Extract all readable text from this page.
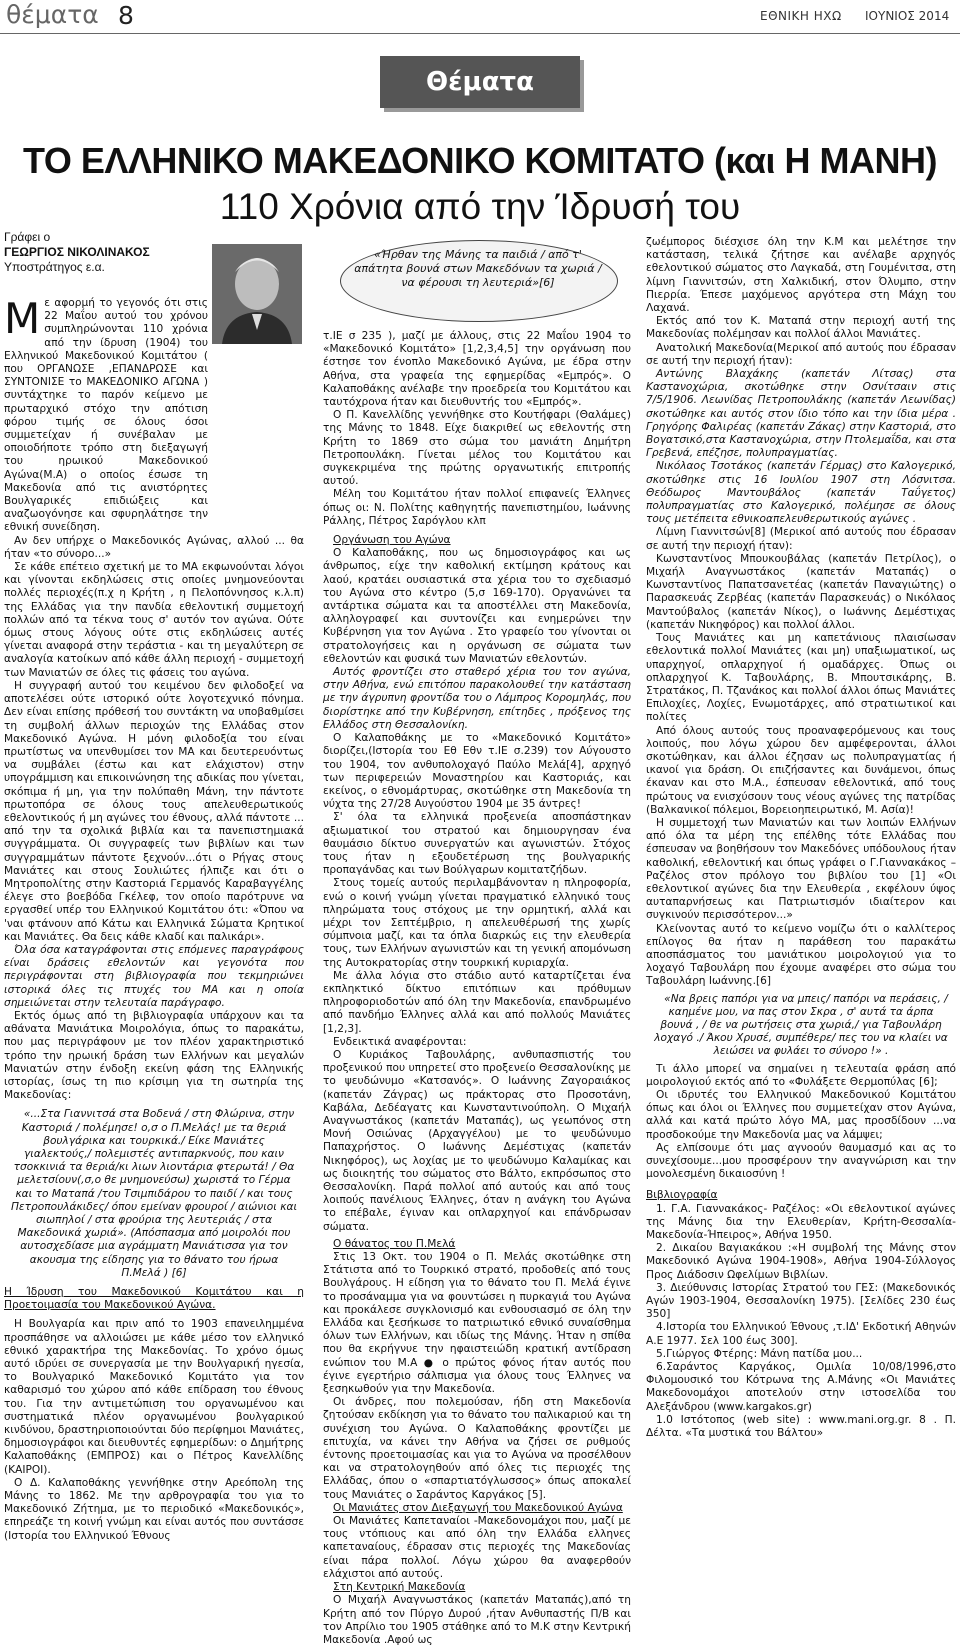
θέματα 8	ΕΘΝΙΚΗ ΗΧΩ ΙΟΥΝΙΟΣ 2014
Θέματα
ΤΟ ΕΛΛΗΝΙΚΟ ΜΑΚΕΔΟΝΙΚΟ ΚΟΜΙΤΑΤΟ (και Η ΜΑΝΗ)
110 Χρόνια από την Ίδρυσή του
Γράφει ο
ΓΕΩΡΓΙΟΣ ΝΙΚΟΛΙΝΑΚΟΣ
Υποστράτηγος ε.α.

Μ ε αφορμή το γεγονός ότι στις 22 Μαΐου αυτού του χρόνου συμπληρώνονται 110 χρόνια από την ίδρυση (1904) του Ελληνικού Μακεδονικού Κομιτάτου ( που ΟΡΓΑΝΩΣΕ ,ΕΠΑΝΔΡΩΣΕ και ΣΥΝΤΟΝΙΣΕ το ΜΑΚΕΔΟΝΙΚΟ ΑΓΩΝΑ ) συντάχτηκε το παρόν κείμενο με πρωταρχικό στόχο την απότιση φόρου τιμής σε όλους όσοι συμμετείχαν ή συνέβαλαν με οποιοδήποτε τρόπο στη διεξαγωγή του ηρωικού Μακεδονικού Αγώνα(Μ.Α) ο οποίος έσωσε τη Μακεδονία από τις ανιστόρητες Βουλγαρικές επιδιώξεις και αναζωογόνησε και σφυρηλάτησε την εθνική συνείδηση.

Αν δεν υπήρχε ο Μακεδονικός Αγώνας, αλλού ... θα ήταν «το σύνορο...»

Σε κάθε επέτειο σχετική με το ΜΑ εκφωνούνται λόγοι και γίνονται εκδηλώσεις στις οποίες μνημονεύονται πολλές περιοχές(π.χ η Κρήτη , η Πελοπόννησος κ.λ.π) της Ελλάδας για την πανδία εθελοντική συμμετοχή πολλών από τα τέκνα τους σ' αυτόν τον αγώνα. Ούτε όμως στους λόγους ούτε στις εκδηλώσεις αυτές γίνεται αναφορά στην τεράστια - και τη μεγαλύτερη σε αναλογία κατοίκων από κάθε άλλη περιοχή - συμμετοχή των Μανιατών σε όλες τις φάσεις του αγώνα.

Η συγγραφή αυτού του κειμένου δεν φιλοδοξεί να αποτελέσει ούτε ιστορικό ούτε λογοτεχνικό πόνημα. Δεν είναι επίσης πρόθεσή του συντάκτη να υποβαθμίσει τη συμβολή άλλων περιοχών της Ελλάδας στον Μακεδονικό Αγώνα. Η μόνη φιλοδοξία του είναι πρωτίστως να υπενθυμίσει τον ΜΑ και δευτερευόντως να συμβάλει (έστω και κατ ελάχιστον) στην υπογράμμιση και επικοινώνηση της αδικίας που γίνεται, σκόπιμα ή μη, για την πολύπαθη Μάνη, την πάντοτε πρωτοπόρα σε όλους τους απελευθερωτικούς εθελοντικούς ή μη αγώνες του έθνους, αλλά πάντοτε ... από την τα σχολικά βιβλία και τα πανεπιστημιακά συγγράμματα. Οι συγγραφείς των βιβλίων και των συγγραμμάτων πάντοτε ξεχνούν...ότι ο Ρήγας στους Μανιάτες και στους Σουλιώτες ήλπιζε και ότι ο Μητροπολίτης στην Καστοριά Γερμανός Καραβαγγέλης έλεγε στο βοεβόδα Γκέλεφ, τον οποίο παρότρυνε να εργασθεί υπέρ του Ελληνικού Κομιτάτου ότι: «Όπου να 'ναι φτάνουν από Κάτω και Ελληνικά Σώματα Κρητικοί και Μανιάτες. Θα δεις κάθε κλαδί και παλικάρι».

Όλα όσα καταγράφονται στις επόμενες παραγράφους είναι δράσεις εθελοντών και γεγονότα που περιγράφονται στη βιβλιογραφία που τεκμηριώνει ιστορικά όλες τις πτυχές του ΜΑ και η οποία σημειώνεται στην τελευταία παράγραφο.

Εκτός όμως από τη βιβλιογραφία υπάρχουν και τα αθάνατα Μανιάτικα Μοιρολόγια, όπως το παρακάτω, που μας περιγράφουν με τον πλέον χαρακτηριστικό τρόπο την ηρωική δράση των Ελλήνων και μεγαλών Μανιατών στην ένδοξη εκείνη φάση της Ελληνικής ιστορίας, ίσως τη πιο κρίσιμη για τη σωτηρία της Μακεδονίας:

«...Στα Γιαννιτσά στα Βοδενά / στη Φλώρινα, στην Καστοριά / πολέμησε! ο,σ ο Π.Μελάς! με τα θεριά βουλγάρικα και τουρκικά./ Είκε Μανιάτες γιαλεκτούς,/ πολεμιστές αντιπαρκνούς, που καιν τσοκκινιά τα θεριά/κι λιων λιοντάρια φτερωτά! / Θα μελετσίουν(,σ,ο θε μνημονεύσω) χωριστά το Γέρμα και το Ματαπά /του Τσιμπιδάρου το παιδί / και τους Πετροπουλάκιδες/ όπου εμείναν φρουροί / αιώνιοι και σιωπηλοί / στα φρούρια της λευτεριάς / στα Μακεδονικά χωριά». (Απόσπασμα από μοιρολόι που αυτοσχεδίασε μια αγράμματη Μανιάτισσα για τον ακουσμα της είδησης για το θάνατο του ήρωα Π.Μελά ) [6]

Η Ίδρυση του Μακεδονικού Κομιτάτου και η Προετοιμασία του Μακεδονικού Αγώνα.

Η Βουλγαρία και πριν από το 1903 επανειλημμένα προσπάθησε να αλλοιώσει με κάθε μέσο τον ελληνικό εθνικό χαρακτήρα της Μακεδονίας. Το χρόνο όμως αυτό ιδρύει σε συνεργασία με την Βουλγαρική ηγεσία, το Βουλγαρικό Μακεδονικό Κομιτάτο για τον καθαρισμό του χώρου από κάθε επίδραση του έθνους του. Για την αντιμετώπιση του οργανωμένου και συστηματικά πλέον οργανωμένου βουλγαρικού κινδύνου, δραστηριοποιούνται δύο περίφημοι Μανιάτες, δημοσιογράφοι και διευθυντές εφημερίδων: ο Δημήτρης Καλαποθάκης (ΕΜΠΡΟΣ) και ο Πέτρος Κανελλίδης (ΚΑΙΡΟΙ).

Ο Δ. Καλαποθάκης γεννήθηκε στην Αρεόπολη της Μάνης το 1862. Με την αρθρογραφία του για το Μακεδονικό Ζήτημα, με το περιοδικό «Μακεδονικός», επηρεάζε τη κοινή γνώμη και είναι αυτός που συντάσσε (Ιστορία του Ελληνικού Έθνους

«Ήρθαν της Μάνης τα παιδιά / από τ' απάτητα βουνά στων Μακεδόνων τα χωριά / να φέρουσι τη λευτεριά»[6]

τ.ΙΕ σ 235 ), μαζί με άλλους, στις 22 Μαΐου 1904 το «Μακεδονικό Κομιτάτο» [1,2,3,4,5] την οργάνωση που έστησε τον ένοπλο Μακεδονικό Αγώνα, με έδρα στην Αθήνα, στα γραφεία της εφημερίδας «Εμπρός». Ο Καλαποθάκης ανέλαβε την προεδρεία του Κομιτάτου και ταυτόχρονα ήταν και διευθυντής του «Εμπρός».

Ο Π. Κανελλίδης γεννήθηκε στο Κουτήφαρι (Θαλάμες) της Μάνης το 1848. Είχε διακριθεί ως εθελοντής στη Κρήτη το 1869 στο σώμα του μανιάτη Δημήτρη Πετροπουλάκη. Γίνεται μέλος του Κομιτάτου και συγκεκριμένα της πρώτης οργανωτικής επιτροπής αυτού.

Μέλη του Κομιτάτου ήταν πολλοί επιφανείς Έλληνες όπως οι: Ν. Πολίτης καθηγητής πανεπιστημίου, Ιωάννης Ράλλης, Πέτρος Σαρόγλου κλπ

Οργάνωση του Αγώνα

Ο Καλαποθάκης, που ως δημοσιογράφος και ως άνθρωπος, είχε την καθολική εκτίμηση κράτους και λαού, κρατάει ουσιαστικά στα χέρια του το σχεδιασμό του Αγώνα στο κέντρο (5,σ 169-170). Οργανώνει τα αντάρτικα σώματα και τα αποστέλλει στη Μακεδονία, αλληλογραφεί και συντονίζει και ενημερώνει την Κυβέρνηση για τον Αγώνα . Στο γραφείο του γίνονται οι στρατολογήσεις και η οργάνωση σε σώματα των εθελοντών και φυσικά των Μανιατών εθελοντών.

Αυτός φροντίζει στο σταθερό χέρια του τον αγώνα, στην Αθήνα, ενώ επιτόπου παρακολουθεί την κατάσταση με την άγρυπνη φροντίδα του ο Λάμπρος Κορομηλάς, που διορίστηκε από την Κυβέρνηση, επίτηδες , πρόξενος της Ελλάδος στη Θεσσαλονίκη.

Ο Καλαποθάκης με το «Μακεδονικό Κομιτάτο» διορίζει,(Ιστορία του Εθ Εθν τ.ΙΕ σ.239) τον Αύγουστο του 1904, τον ανθυπολοχαγό Παύλο Μελά[4], αρχηγό των περιφερειών Μοναστηρίου και Καστοριάς, και εκείνος, ο εθνομάρτυρας, σκοτώθηκε στη Μακεδονία τη νύχτα της 27/28 Αυγούστου 1904 με 35 άντρες!

Σ' όλα τα ελληνικά προξενεία αποσπάστηκαν αξιωματικοί του στρατού και δημιουργησαν ένα θαυμάσιο δίκτυο συνεργατών και αγωνιστών. Στόχος τους ήταν η εξουδετέρωση της βουλγαρικής προπαγάνδας και των Βούλγαρων κομιτατζήδων.

Στους τομείς αυτούς περιλαμβάνονταν η πληροφορία, ενώ ο κοινή γνώμη γίνεται πραγματικό ελληνικό τους πληρώματα τους στόχους με την ορμητική, αλλά και μέχρι τον Σεπτέμβριο, η απελευθέρωσή της χωρίς σύμπνοια μαζί, και τα όπλα διαρκώς εις την ελευθερία τους, των Ελλήνων αγωνιστών και τη γενική απομόνωση της Αυτοκρατορίας στην τουρκική κυριαρχία.

Με άλλα λόγια στο στάδιο αυτό καταρτίζεται ένα εκπληκτικό δίκτυο επιτόπιων και πρόθυμων πληροφοριοδοτών από όλη την Μακεδονία, επανδρωμένο από πανδήμο Έλληνες αλλά και από πολλούς Μανιάτες [1,2,3].

Ενδεικτικά αναφέρονται:

Ο Κυριάκος Ταβουλάρης, ανθυπασπιστής του προξενικού που υπηρετεί στο προξενείο Θεσσαλονίκης με το ψευδώνυμο «Κατσανός». Ο Ιωάννης Ζαγοραιάκος (καπετάν Ζάγρας) ως πράκτορας στο Προσοτάνη, Καβάλα, Δεδέαγατς και Κωνσταντινούπολη. Ο Μιχαήλ Αναγνωστάκος (καπετάν Ματαπάς), ως γεωπόνος στη Μονή Οσιώνας (Αρχαγγέλου) με το ψευδώνυμο Παπαχρήστος. Ο Ιωάννης Δεμέστιχας (καπετάν Νικηφόρος), ως λοχίας με το ψευδώνυμο Καλαμίκας και ως διοικητής του σώματος στο Βάλτο, εκπρόσωπος στο Θεσσαλονίκη. Παρά πολλοί από αυτούς και από τους λοιπούς πανέλιους Έλληνες, όταν η ανάγκη του Αγώνα το επέβαλε, έγιναν και οπλαρχηγοί και επάνδρωσαν σώματα.

Ο θάνατος του Π.Μελά

Στις 13 Οκτ. του 1904 ο Π. Μελάς σκοτώθηκε στη Στάτιστα από το Τουρκικό στρατό, προδοθείς από τους Βουλγάρους. Η είδηση για το θάνατο του Π. Μελά έγινε το προσάναμμα για να φουντώσει η πυρκαγιά του Αγώνα και προκάλεσε συγκλονισμό και ενθουσιασμό σε όλη την Ελλάδα και ξεσήκωσε το πατριωτικό εθνικό συναίσθημα όλων των Ελλήνων, και ιδίως της Μάνης. Ήταν η σπίθα που θα εκρήγνυε την ηφαιστειώδη κρατική αντίδραση ενώπιον του Μ.Α ● ο πρώτος φόνος ήταν αυτός που έγινε εγερτήριο σάλπισμα για όλους τους Έλληνες να ξεσηκωθούν για την Μακεδονία.

Οι άνδρες, που πολεμούσαν, ήδη στη Μακεδονία ζητούσαν εκδίκηση για το θάνατο του παλικαριού και τη συνέχιση του Αγώνα. Ο Καλαποθάκης φροντίζει με επιτυχία, να κάνει την Αθήνα να ζήσει σε ρυθμούς έντονης προετοιμασίας και για το Αγώνα να προσέλθουν και να στρατολογηθούν από όλες τις περιοχές της Ελλάδας, όπου ο «σπαρτιατόγλωσσος» όπως αποκαλεί τους Μανιάτες ο Σαράντος Καργάκος [5].

Οι Μανιάτες στον Διεξαγωγή του Μακεδονικού Αγώνα

Οι Μανιάτες Καπεταναίοι -Μακεδονομάχοι που, μαζί με τους ντόπιους και από όλη την Ελλάδα ελληνες καπεταναίους, έδρασαν στις περιοχές της Μακεδονίας είναι πάρα πολλοί. Λόγω χώρου θα αναφερθούν ελάχιστοι από αυτούς.

Στη Κεντρική Μακεδονία

Ο Μιχαήλ Αναγνωστάκος (καπετάν Ματαπάς),από τη Κρήτη από τον Πύργο Δυρού ,ήταν Ανθυπαστής Π/Β και τον Απρίλιο του 1905 στάθηκε από το Μ.Κ στην Κεντρική Μακεδονία .Αφού ως

ζωέμπορος διέσχισε όλη την Κ.Μ και μελέτησε την κατάσταση, τελικά ζήτησε και ανέλαβε αρχηγός εθελοντικού σώματος στο Λαγκαδά, στη Γουμένιτσα, στη λίμνη Γιαννιτσών, στη Χαλκιδική, στον Όλυμπο, στην Πιερρία. Έπεσε μαχόμενος αργότερα στη Μάχη του Λαχανά.

Εκτός από τον Κ. Ματαπά στην περιοχή αυτή της Μακεδονίας πολέμησαν και πολλοί άλλοι Μανιάτες.

Ανατολική Μακεδονία(Μερικοί από αυτούς που έδρασαν σε αυτή την περιοχή ήταν):

Αντώνης Βλαχάκης (καπετάν Λίτσας) στα Καστανοχώρια, σκοτώθηκε στην Οσνίτσαιν στις 7/5/1906. Λεωνίδας Πετροπουλάκης (καπετάν Λεωνίδας) σκοτώθηκε και αυτός στον ίδιο τόπο και την ίδια μέρα . Γρηγόρης Φαλιρέας (καπετάν Ζάκας) στην Καστοριά, στο Βογατσικό,στα Καστανοχώρια, στην Πτολεμαΐδα, και στα Γρεβενά, επέζησε, πολυπραγματίας.

Νικόλαος Τσοτάκος (καπετάν Γέρμας) στο Καλογερικό, σκοτώθηκε στις 16 Ιουλίου 1907 στη Λόσνιτσα. Θεόδωρος Μαντουβάλος (καπετάν Ταΰγετος) πολυπραγματίας στο Καλογερικό, πολέμησε σε όλους τους μετέπειτα εθνικοαπελευθερωτικούς αγώνες .

Λίμνη Γιαννιτσών[8] (Μερικοί από αυτούς που έδρασαν σε αυτή την περιοχή ήταν):

Κωνσταντίνος Μπουκουβάλας (καπετάν Πετρίλος), ο Μιχαήλ Αναγνωστάκος (καπετάν Ματαπάς) ο Κωνσταντίνος Παπατσανετέας (καπετάν Παναγιώτης) ο Παρασκευάς Ζερβέας (καπετάν Παρασκευάς) ο Νικόλαος Μαντούβαλος (καπετάν Νίκος), ο Ιωάννης Δεμέστιχας (καπετάν Νικηφόρος) και πολλοί άλλοι.

Τους Μανιάτες και μη καπετάνιους πλαισίωσαν εθελοντικά πολλοί Μανιάτες (και μη) υπαξιωματικοί, ως υπαρχηγοί, οπλαρχηγοί ή ομαδάρχες. Όπως οι οπλαρχηγοί Κ. Ταβουλάρης, Β. Μπουτσικάρης, Β. Στρατάκος, Π. Τζανάκος και πολλοί άλλοι όπως Μανιάτες Επιλοχίες, Λοχίες, Ενωμοτάρχες, από στρατιωτικοί και πολίτες

Από όλους αυτούς τους προαναφερόμενους και τους λοιπούς, που λόγω χώρου δεν αμφέφερονται, άλλοι σκοτώθηκαν, και άλλοι έζησαν ως πολυπραγματίας ή ικανοί για δράση. Οι επιζήσαντες και δυνάμενοι, όπως έκαναν και στο Μ.Α., έσπευσαν εθελοντικά, από τους πρώτους να ενισχύσουν τους νέους αγώνες της πατρίδας (Βαλκανικοί πόλεμοι, Βορειοηπειρωτικό, Μ. Ασία)!

Η συμμετοχή των Μανιατών και των λοιπών Ελλήνων από όλα τα μέρη της επέλθης τότε Ελλάδας που έσπευσαν να βοηθήσουν τον Μακεδόνες υπόδουλους ήταν καθολική, εθελοντική και όπως γράφει ο Γ.Γιαννακάκος –Ραζέλος στον πρόλογο του βιβλίου του [1] «Οι εθελοντικοί αγώνες δια την Ελευθερία , εκφέλουν ύψος αυταπαρνήσεως και Πατριωτισμόν ιδιαίτερον και συγκινούν περισσότερον...»

Κλείνοντας αυτό το κείμενο νομίζω ότι ο καλλίτερος επίλογος θα ήταν η παράθεση του παρακάτω αποσπάσματος του μανιάτικου μοιρολογιού για το λοχαγό Ταβουλάρη που έχουμε αναφέρει στο σώμα του Ταβουλάρη Ιωάννης.[6]

«Να βρεις παπόρι για να μπεις/ παπόρι να περάσεις, / καημένε μου, να πας στον Σκρα , σ' αυτά τα άρπα βουνά , / θε να ρωτήσεις στα χωριά,/ για Ταβουλάρη λοχαγό ./ Άκου Χρυσέ, συμπέθερε/ πες του να κλαίει να λειώσει να φυλάει το σύνορο !» .

Τι άλλο μπορεί να σημαίνει η τελευταία φράση από μοιρολογιού εκτός από το «Φυλάξετε Θερμοπύλας [6];

Οι ιδρυτές του Ελληνικού Μακεδονικού Κομιτάτου όπως και όλοι οι Έλληνες που συμμετείχαν στον Αγώνα, αλλά και κατά πρώτο λόγο ΜΑ, μας προσδίδουν ...να προσδοκούμε την Μακεδονία μας να λάμψει;

Ας ελπίσουμε ότι μας αγνοούν θαυμασμό και ας το συνεχίσουμε...μου προσφέρουν την αναγνώριση και την μονολεσμένη δικαιοσύνη !

Βιβλιογραφία

1. Γ.Α. Γιαννακάκος- Ραζέλος: «Οι εθελοντικοί αγώνες της Μάνης δια την Ελευθερίαν, Κρήτη-Θεσσαλία-Μακεδονία-Ήπειρος», Αθήνα 1950.

2. Δικαίου Βαγιακάκου :«Η συμβολή της Μάνης στον Μακεδονικό Αγώνα 1904-1908», Αθήνα 1904-Σύλλογος Προς Διάδοσιν Ωφελίμων Βιβλίων.

3. Διεύθυνσις Ιστορίας Στρατού του ΓΕΣ: (Μακεδονικός Αγών 1903-1904, Θεσσαλονίκη 1975). [Σελίδες 230 έως 350]

4.Ιστορία του Ελληνικού Έθνους ,τ.ΙΔ' Εκδοτική Αθηνών Α.Ε 1977. Σελ 100 έως 300].

5.Γιώργος Φτέρης: Μάνη πατίδα μου...

6.Σαράντος Καργάκος, Ομιλία 10/08/1996,στο Φιλομουσικό του Κότρωνα της Α.Μάνης «Οι Μανιάτες Μακεδονομάχοι αποτελούν στην ιστοσελίδα του Αλεξάνδρου (www.kargakos.gr)

1.0 Ιστότοπος (web site) : www.mani.org.gr. 8 . Π. Δέλτα. «Τα μυστικά του Βάλτου»
